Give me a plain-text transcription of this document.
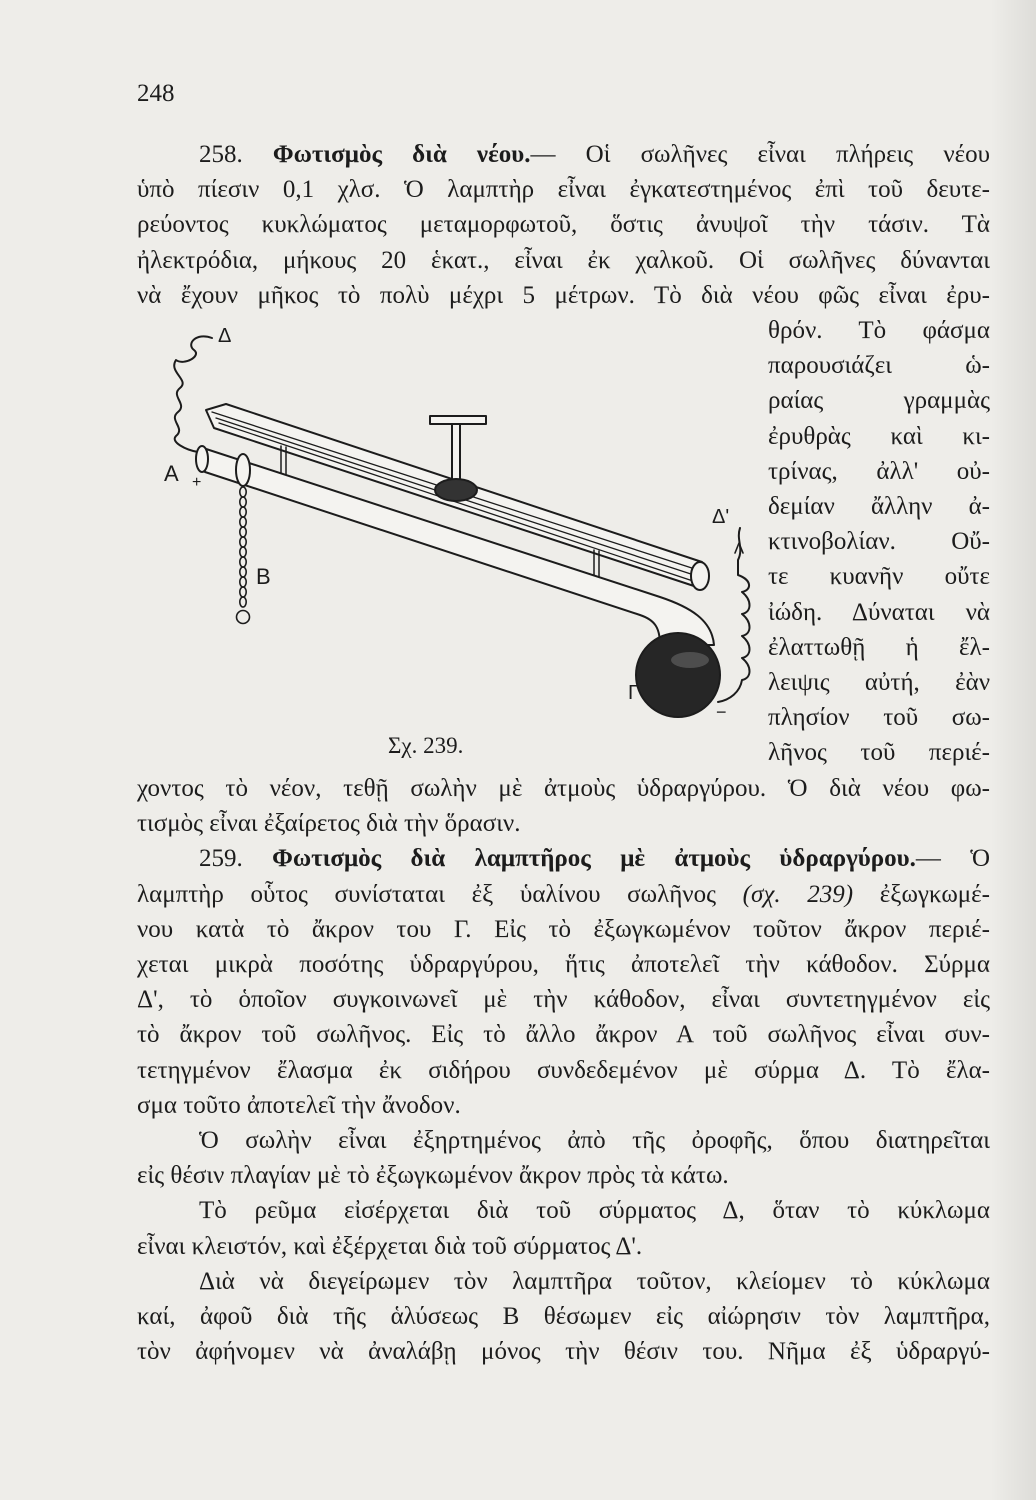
248
258. Φωτισμὸς διὰ νέου.— Οἱ σωλῆνες εἶναι πλήρεις νέου
ὑπὸ πίεσιν 0,1 χλσ. Ὁ λαμπτὴρ εἶναι ἐγκατεστημένος ἐπὶ τοῦ δευτε-
ρεύοντος κυκλώματος μεταμορφωτοῦ, ὅστις ἀνυψοῖ τὴν τάσιν. Τὰ
ἠλεκτρόδια, μήκους 20 ἑκατ., εἶναι ἐκ χαλκοῦ. Οἱ σωλῆνες δύνανται
νὰ ἔχουν μῆκος τὸ πολὺ μέχρι 5 μέτρων. Τὸ διὰ νέου φῶς εἶναι ἐρυ-
Δ
Α +
Β
Δ'
Γ
−
Σχ. 239.
θρόν. Τὸ φάσμα
παρουσιάζει ὡ-
ραίας γραμμὰς
ἐρυθρὰς καὶ κι-
τρίνας, ἀλλ' οὐ-
δεμίαν ἄλλην ἀ-
κτινοβολίαν. Οὔ-
τε κυανῆν οὔτε
ἰώδη. Δύναται νὰ
ἐλαττωθῇ ἡ ἔλ-
λειψις αὐτή, ἐὰν
πλησίον τοῦ σω-
λῆνος τοῦ περιέ-
χοντος τὸ νέον, τεθῇ σωλὴν μὲ ἀτμοὺς ὑδραργύρου. Ὁ διὰ νέου φω-
τισμὸς εἶναι ἐξαίρετος διὰ τὴν ὅρασιν.
259. Φωτισμὸς διὰ λαμπτῆρος μὲ ἀτμοὺς ὑδραργύρου.— Ὁ
λαμπτὴρ οὗτος συνίσταται ἐξ ὑαλίνου σωλῆνος (σχ. 239) ἐξωγκωμέ-
νου κατὰ τὸ ἄκρον του Γ. Εἰς τὸ ἐξωγκωμένον τοῦτον ἄκρον περιέ-
χεται μικρὰ ποσότης ὑδραργύρου, ἥτις ἀποτελεῖ τὴν κάθοδον. Σύρμα
Δ', τὸ ὁποῖον συγκοινωνεῖ μὲ τὴν κάθοδον, εἶναι συντετηγμένον εἰς
τὸ ἄκρον τοῦ σωλῆνος. Εἰς τὸ ἄλλο ἄκρον Α τοῦ σωλῆνος εἶναι συν-
τετηγμένον ἔλασμα ἐκ σιδήρου συνδεδεμένον μὲ σύρμα Δ. Τὸ ἔλα-
σμα τοῦτο ἀποτελεῖ τὴν ἄνοδον.
Ὁ σωλὴν εἶναι ἐξηρτημένος ἀπὸ τῆς ὀροφῆς, ὅπου διατηρεῖται
εἰς θέσιν πλαγίαν μὲ τὸ ἐξωγκωμένον ἄκρον πρὸς τὰ κάτω.
Τὸ ρεῦμα εἰσέρχεται διὰ τοῦ σύρματος Δ, ὅταν τὸ κύκλωμα
εἶναι κλειστόν, καὶ ἐξέρχεται διὰ τοῦ σύρματος Δ'.
Διὰ νὰ διεγείρωμεν τὸν λαμπτῆρα τοῦτον, κλείομεν τὸ κύκλωμα
καί, ἀφοῦ διὰ τῆς ἁλύσεως Β θέσωμεν εἰς αἰώρησιν τὸν λαμπτῆρα,
τὸν ἀφήνομεν νὰ ἀναλάβῃ μόνος τὴν θέσιν του. Νῆμα ἐξ ὑδραργύ-
